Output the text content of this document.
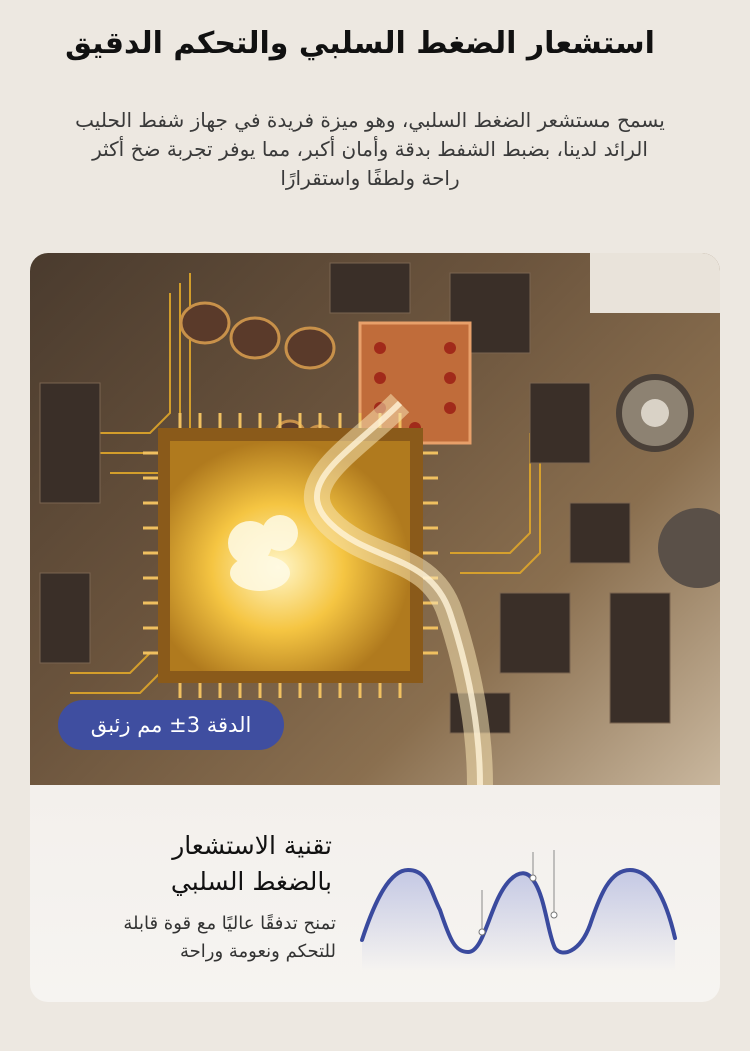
استشعار الضغط السلبي والتحكم الدقيق
يسمح مستشعر الضغط السلبي، وهو ميزة فريدة في جهاز شفط الحليب الرائد لدينا، بضبط الشفط بدقة وأمان أكبر، مما يوفر تجربة ضخ أكثر راحة ولطفًا واستقرارًا
الدقة 3± مم زئبق
تقنية الاستشعار
بالضغط السلبي
تمنح تدفقًا عاليًا مع قوة قابلة
للتحكم ونعومة وراحة
